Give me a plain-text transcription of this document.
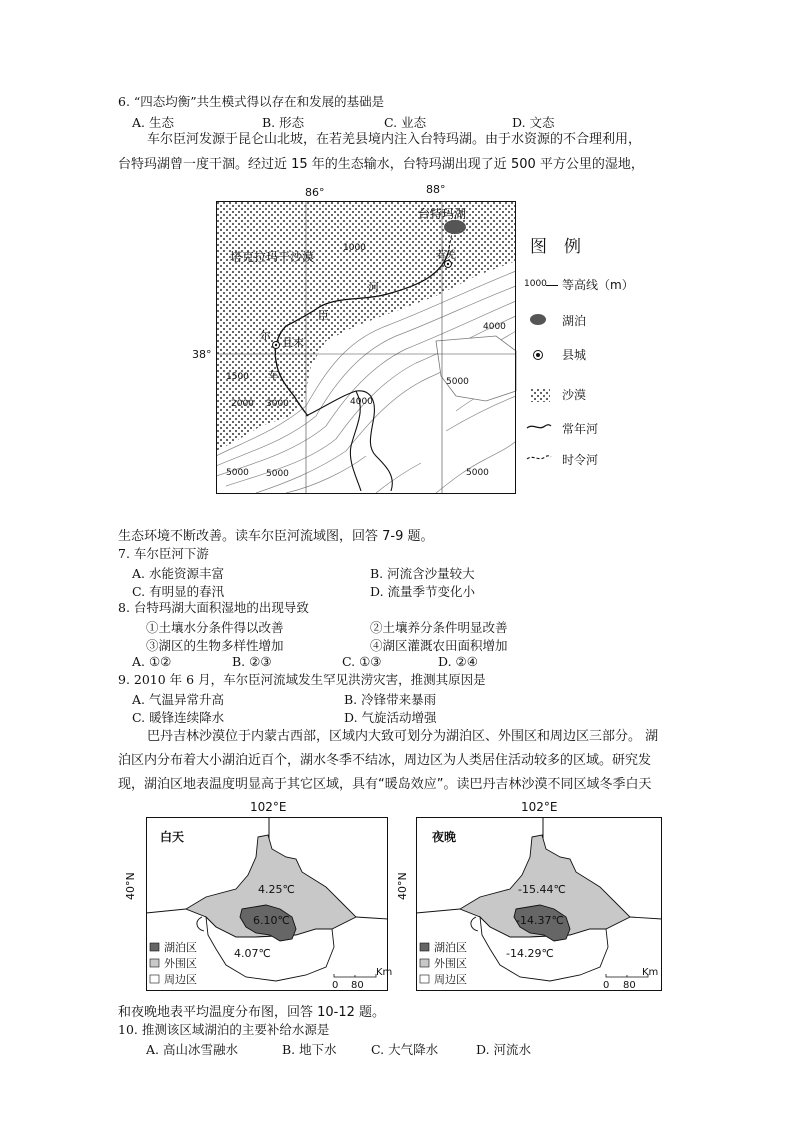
6. “四态均衡”共生模式得以存在和发展的基础是
A. 生态	B. 形态	C. 业态	D. 文态
车尔臣河发源于昆仑山北坡，在若羌县境内注入台特玛湖。由于水资源的不合理利用，
台特玛湖曾一度干涸。经过近 15 年的生态输水，台特玛湖出现了近 500 平方公里的湿地，
86°	88°
38°
台特玛湖
塔克拉玛干沙漠	若羌
且末
河
臣
尔
车
1000
4000
1500
2000 3000	4000
5000
5000 5000	5000
图　例
1000 等高线（m）
湖泊
县城
沙漠
常年河
时令河
生态环境不断改善。读车尔臣河流域图，回答 7-9 题。
7. 车尔臣河下游
A. 水能资源丰富	B. 河流含沙量较大
C. 有明显的春汛	D. 流量季节变化小
8. 台特玛湖大面积湿地的出现导致
①土壤水分条件得以改善	②土壤养分条件明显改善
③湖区的生物多样性增加	④湖区灌溉农田面积增加
A. ①②	B. ②③	C. ①③	D. ②④
9. 2010 年 6 月，车尔臣河流域发生罕见洪涝灾害，推测其原因是
A. 气温异常升高	B. 冷锋带来暴雨
C. 暖锋连续降水	D. 气旋活动增强
巴丹吉林沙漠位于内蒙古西部，区域内大致可划分为湖泊区、外围区和周边区三部分。 湖
泊区内分布着大小湖泊近百个，湖水冬季不结冰，周边区为人类居住活动较多的区域。研究发
现，湖泊区地表温度明显高于其它区域，具有“暖岛效应”。读巴丹吉林沙漠不同区域冬季白天
102°E	102°E
40°N	4.25℃
6.10℃
4.07℃
白天
湖泊区
外围区
周边区
Km
0 80
40°N	-15.44℃
-14.37℃
-14.29℃
夜晚
湖泊区
外围区
周边区
Km
0 80
和夜晚地表平均温度分布图，回答 10-12 题。
10. 推测该区域湖泊的主要补给水源是
A. 高山冰雪融水	B. 地下水	C. 大气降水	D. 河流水
